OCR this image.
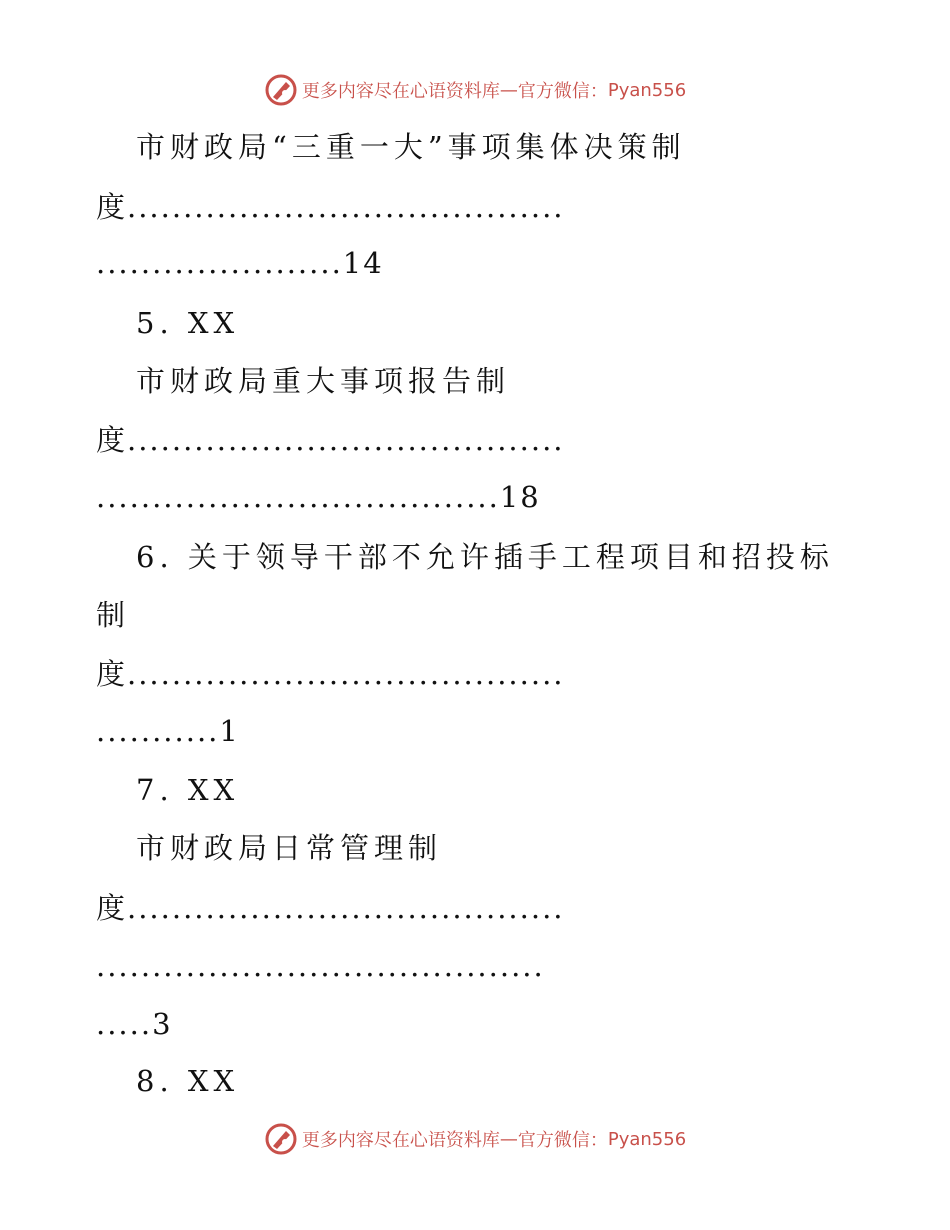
更多内容尽在心语资料库 — 官方微信： Pyan556
市财政局“三重一大”事项集体决策制
度.......................................
......................14
5. XX
市财政局重大事项报告制
度.......................................
....................................18
6. 关于领导干部不允许插手工程项目和招投标
制
度.......................................
...........1
7. XX
市财政局日常管理制
度.......................................
........................................
.....3
8. XX
更多内容尽在心语资料库 — 官方微信： Pyan556
